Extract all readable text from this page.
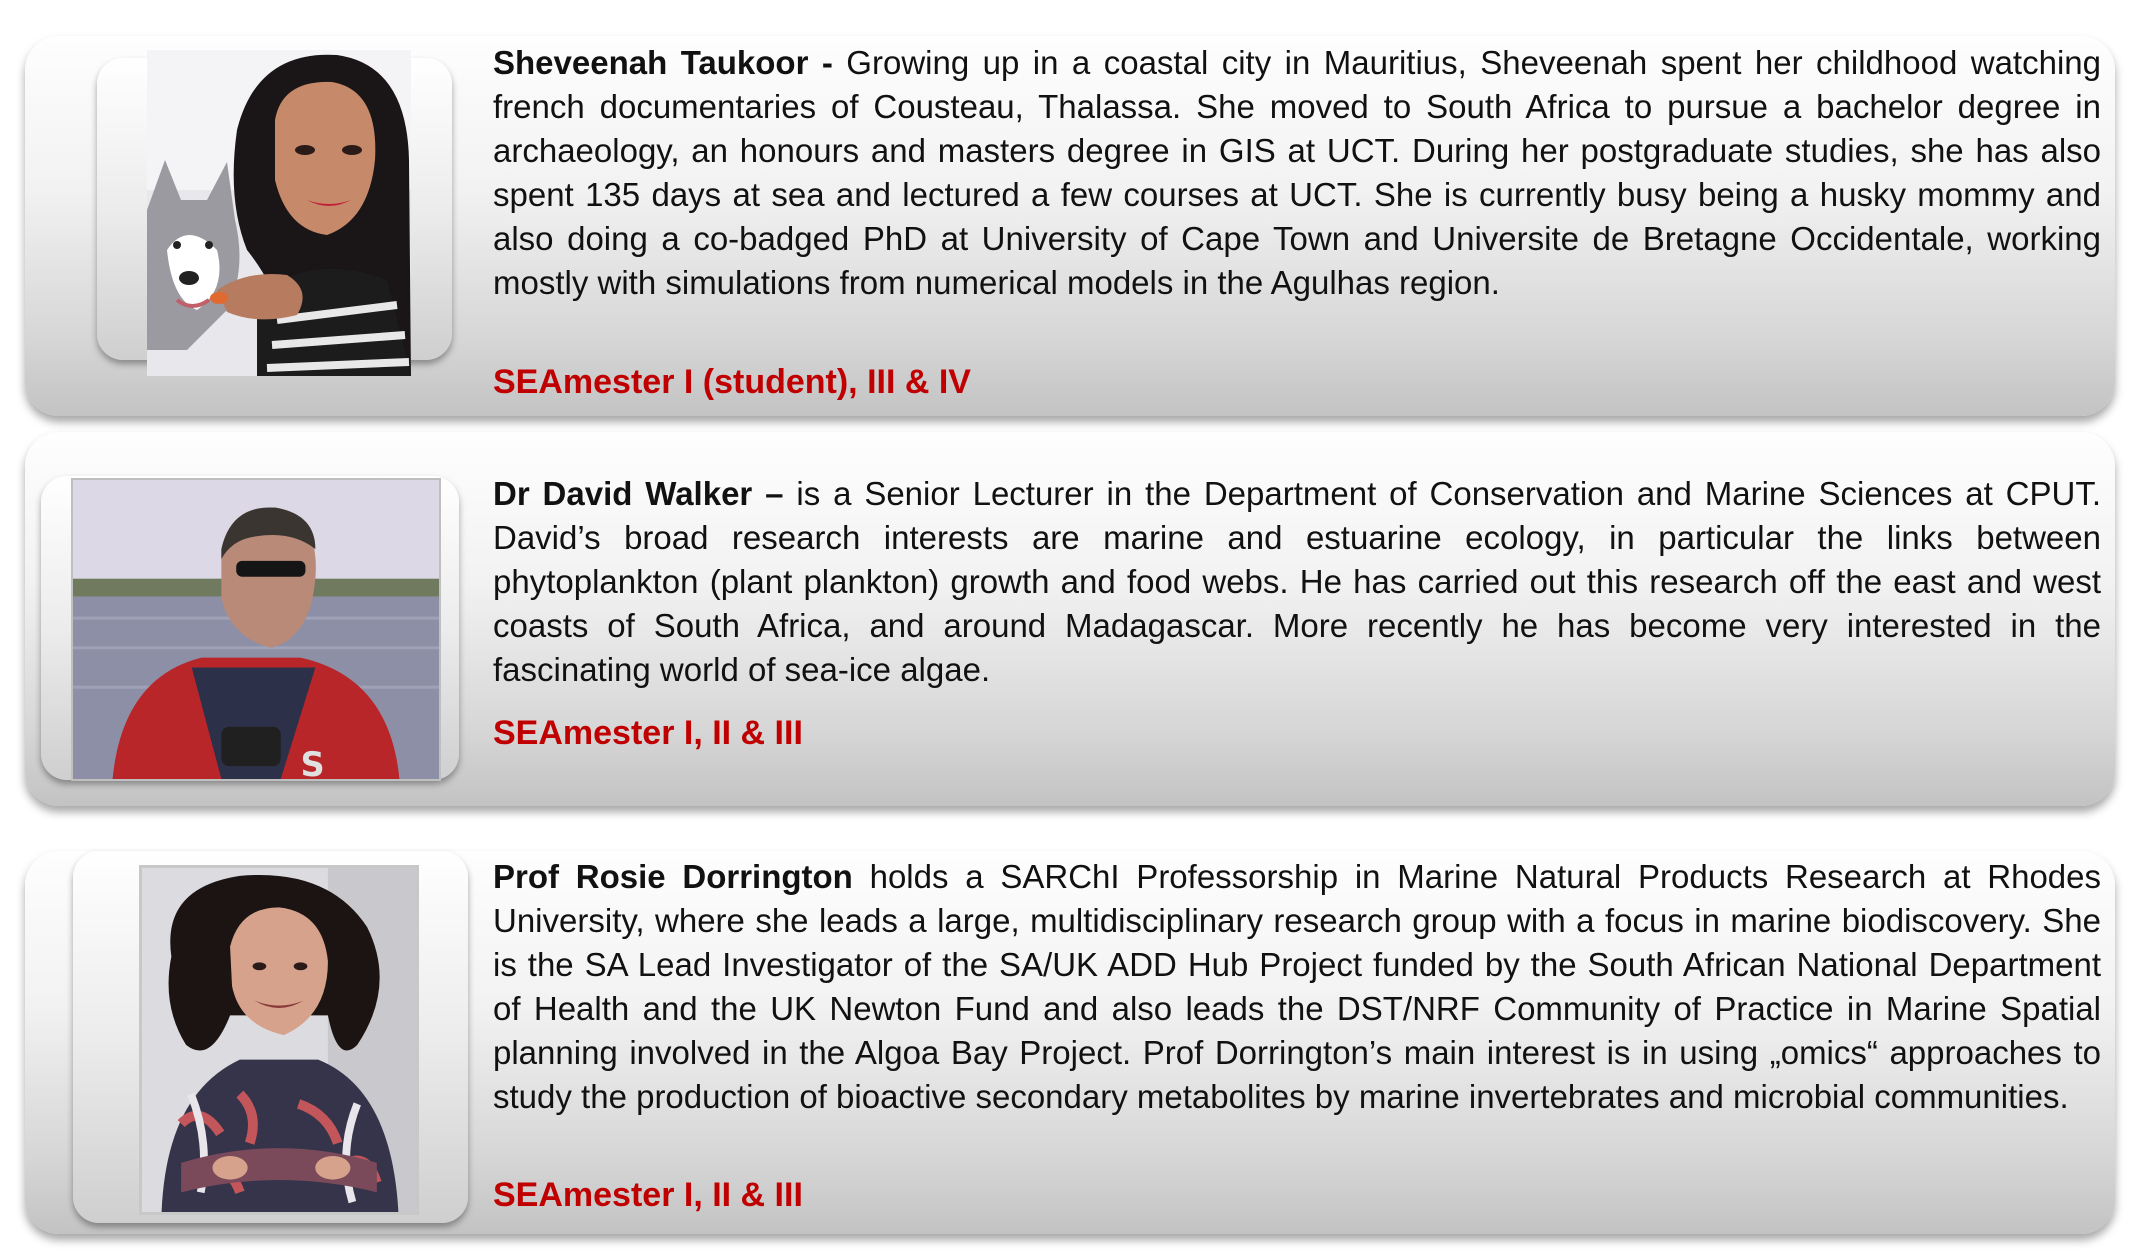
Sheveenah Taukoor - Growing up in a coastal city in Mauritius, Sheveenah spent her childhood watching french documentaries of Cousteau, Thalassa. She moved to South Africa to pursue a bachelor degree in archaeology, an honours and masters degree in GIS at UCT. During her postgraduate studies, she has also spent 135 days at sea and lectured a few courses at UCT. She is currently busy being a husky mommy and also doing a co-badged PhD at University of Cape Town and Universite de Bretagne Occidentale, working mostly with simulations from numerical models in the Agulhas region.
SEAmester I (student), III & IV
S
Dr David Walker – is a Senior Lecturer in the Department of Conservation and Marine Sciences at CPUT. David’s broad research interests are marine and estuarine ecology, in particular the links between phytoplankton (plant plankton) growth and food webs. He has carried out this research off the east and west coasts of South Africa, and around Madagascar. More recently he has become very interested in the fascinating world of sea-ice algae.
SEAmester I, II & III
Prof Rosie Dorrington holds a SARChI Professorship in Marine Natural Products Research at Rhodes University, where she leads a large, multidisciplinary research group with a focus in marine biodiscovery. She is the SA Lead Investigator of the SA/UK ADD Hub Project funded by the South African National Department of Health and the UK Newton Fund and also leads the DST/NRF Community of Practice in Marine Spatial planning involved in the Algoa Bay Project. Prof Dorrington’s main interest is in using „omics“ approaches to study the production of bioactive secondary metabolites by marine invertebrates and microbial communities.
SEAmester I, II & III
